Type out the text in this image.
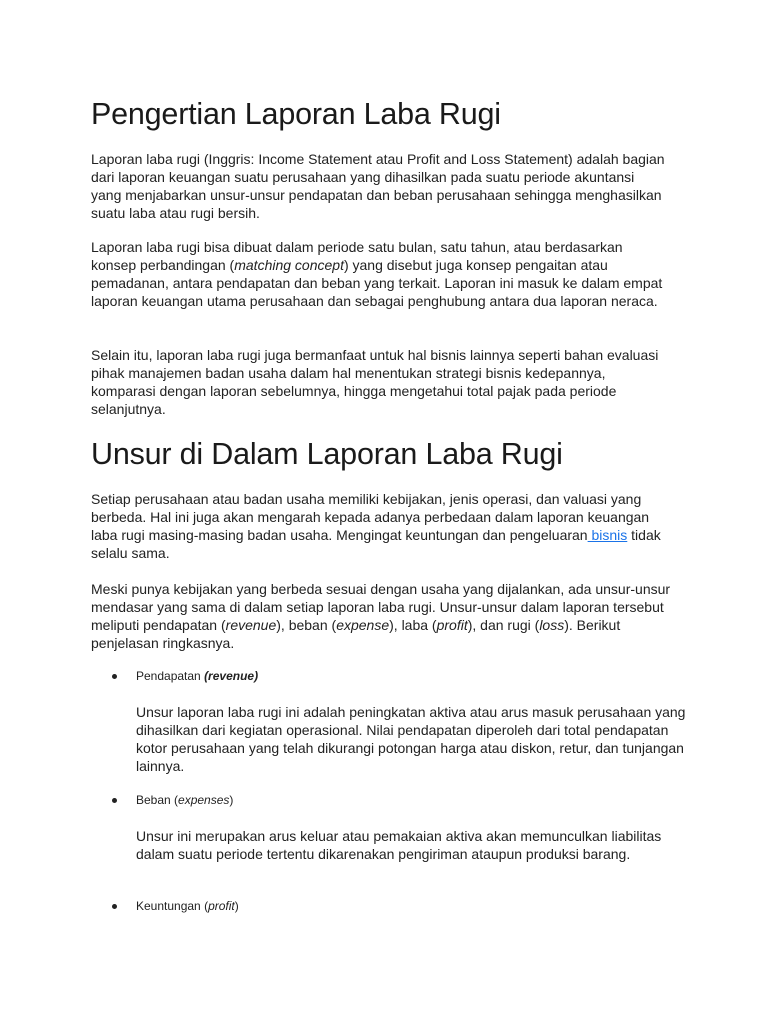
Pengertian Laporan Laba Rugi

Laporan laba rugi (Inggris: Income Statement atau Profit and Loss Statement) adalah bagian dari laporan keuangan suatu perusahaan yang dihasilkan pada suatu periode akuntansi yang menjabarkan unsur-unsur pendapatan dan beban perusahaan sehingga menghasilkan suatu laba atau rugi bersih.

Laporan laba rugi bisa dibuat dalam periode satu bulan, satu tahun, atau berdasarkan konsep perbandingan (matching concept) yang disebut juga konsep pengaitan atau pemadanan, antara pendapatan dan beban yang terkait. Laporan ini masuk ke dalam empat laporan keuangan utama perusahaan dan sebagai penghubung antara dua laporan neraca.

Selain itu, laporan laba rugi juga bermanfaat untuk hal bisnis lainnya seperti bahan evaluasi pihak manajemen badan usaha dalam hal menentukan strategi bisnis kedepannya, komparasi dengan laporan sebelumnya, hingga mengetahui total pajak pada periode selanjutnya.

Unsur di Dalam Laporan Laba Rugi

Setiap perusahaan atau badan usaha memiliki kebijakan, jenis operasi, dan valuasi yang berbeda. Hal ini juga akan mengarah kepada adanya perbedaan dalam laporan keuangan laba rugi masing-masing badan usaha. Mengingat keuntungan dan pengeluaran bisnis tidak selalu sama.

Meski punya kebijakan yang berbeda sesuai dengan usaha yang dijalankan, ada unsur-unsur mendasar yang sama di dalam setiap laporan laba rugi. Unsur-unsur dalam laporan tersebut meliputi pendapatan (revenue), beban (expense), laba (profit), dan rugi (loss). Berikut penjelasan ringkasnya.

Pendapatan (revenue)

Unsur laporan laba rugi ini adalah peningkatan aktiva atau arus masuk perusahaan yang dihasilkan dari kegiatan operasional. Nilai pendapatan diperoleh dari total pendapatan kotor perusahaan yang telah dikurangi potongan harga atau diskon, retur, dan tunjangan lainnya.

Beban (expenses)

Unsur ini merupakan arus keluar atau pemakaian aktiva akan memunculkan liabilitas dalam suatu periode tertentu dikarenakan pengiriman ataupun produksi barang.

Keuntungan (profit)
